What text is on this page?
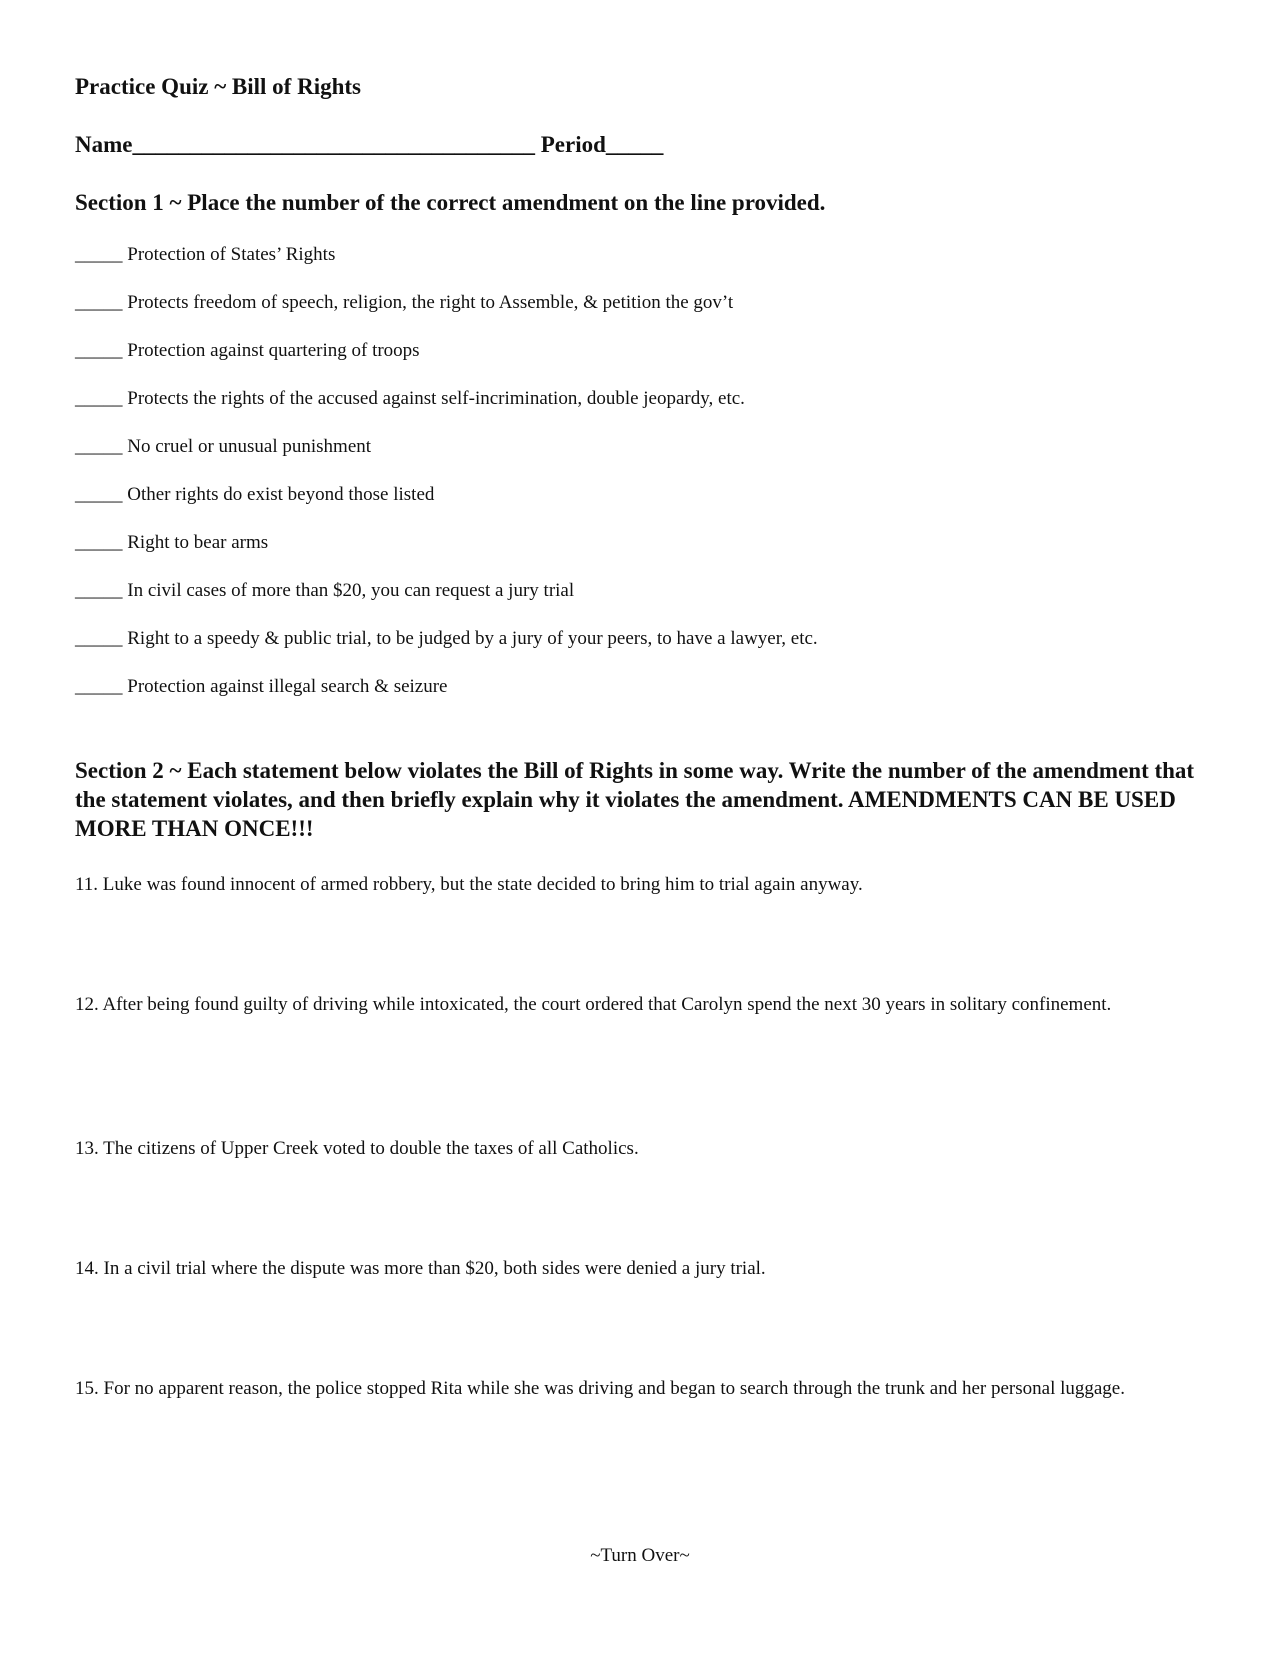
Practice Quiz ~ Bill of Rights
Name___________________________________ Period_____
Section 1 ~ Place the number of the correct amendment on the line provided.
_____ Protection of States’ Rights
_____ Protects freedom of speech, religion, the right to Assemble, & petition the gov’t
_____ Protection against quartering of troops
_____ Protects the rights of the accused against self-incrimination, double jeopardy, etc.
_____ No cruel or unusual punishment
_____ Other rights do exist beyond those listed
_____ Right to bear arms
_____ In civil cases of more than $20, you can request a jury trial
_____ Right to a speedy & public trial, to be judged by a jury of your peers, to have a lawyer, etc.
_____ Protection against illegal search & seizure
Section 2 ~ Each statement below violates the Bill of Rights in some way. Write the number of the amendment that the statement violates, and then briefly explain why it violates the amendment. AMENDMENTS CAN BE USED MORE THAN ONCE!!!
11. Luke was found innocent of armed robbery, but the state decided to bring him to trial again anyway.
12. After being found guilty of driving while intoxicated, the court ordered that Carolyn spend the next 30 years in solitary confinement.
13. The citizens of Upper Creek voted to double the taxes of all Catholics.
14. In a civil trial where the dispute was more than $20, both sides were denied a jury trial.
15. For no apparent reason, the police stopped Rita while she was driving and began to search through the trunk and her personal luggage.
~Turn Over~
